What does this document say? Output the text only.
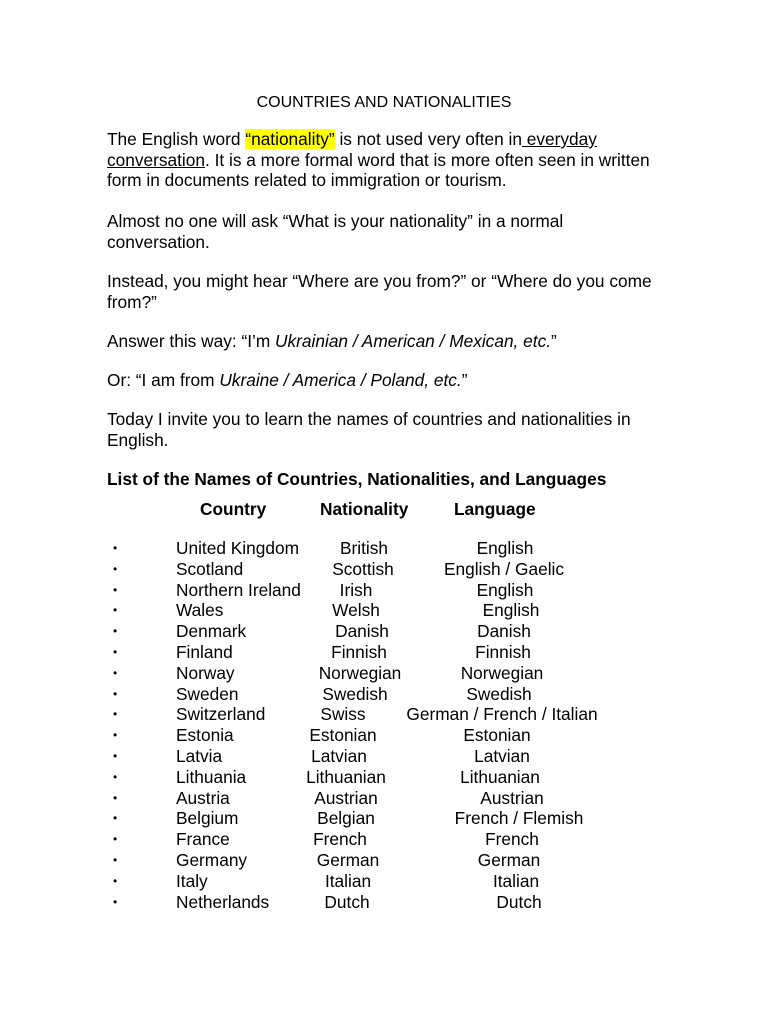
COUNTRIES AND NATIONALITIES

The English word “nationality” is not used very often in everyday conversation. It is a more formal word that is more often seen in written form in documents related to immigration or tourism.

Almost no one will ask “What is your nationality” in a normal conversation.

Instead, you might hear “Where are you from?” or “Where do you come from?”

Answer this way: “I’m Ukrainian / American / Mexican, etc.”

Or: “I am from Ukraine / America / Poland, etc.”

Today I invite you to learn the names of countries and nationalities in English.

List of the Names of Countries, Nationalities, and Languages
Country	Nationality	Language
•	United Kingdom	British	English
•	Scotland	Scottish	English / Gaelic
•	Northern Ireland	Irish	English
•	Wales	Welsh	English
•	Denmark	Danish	Danish
•	Finland	Finnish	Finnish
•	Norway	Norwegian	Norwegian
•	Sweden	Swedish	Swedish
•	Switzerland	Swiss	German / French / Italian
•	Estonia	Estonian	Estonian
•	Latvia	Latvian	Latvian
•	Lithuania	Lithuanian	Lithuanian
•	Austria	Austrian	Austrian
•	Belgium	Belgian	French / Flemish
•	France	French	French
•	Germany	German	German
•	Italy	Italian	Italian
•	Netherlands	Dutch	Dutch
